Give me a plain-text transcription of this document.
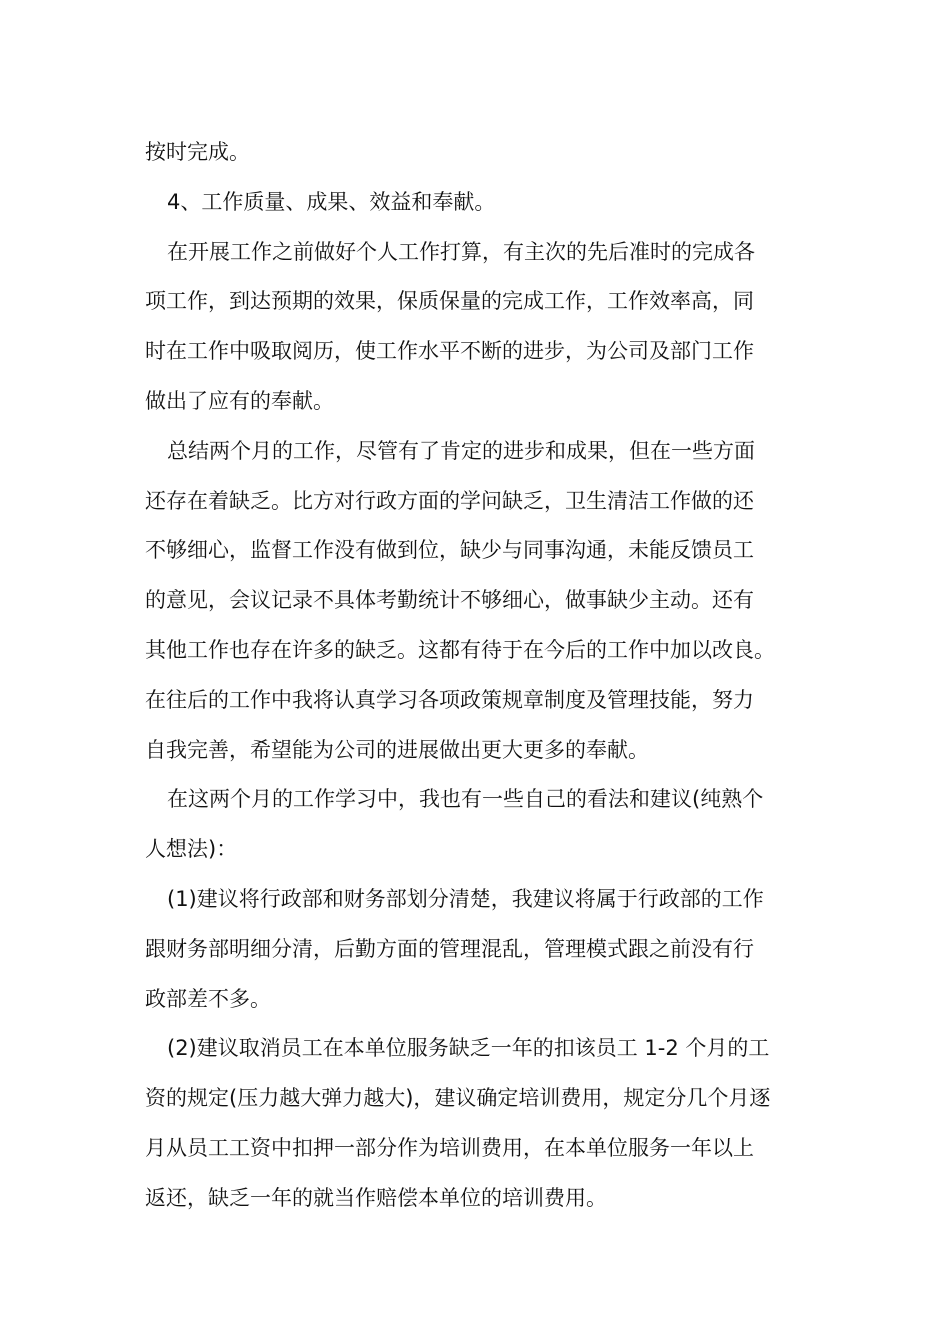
按时完成。
4、工作质量、成果、效益和奉献。
在开展工作之前做好个人工作打算，有主次的先后准时的完成各
项工作，到达预期的效果，保质保量的完成工作，工作效率高，同
时在工作中吸取阅历，使工作水平不断的进步，为公司及部门工作
做出了应有的奉献。
总结两个月的工作，尽管有了肯定的进步和成果，但在一些方面
还存在着缺乏。比方对行政方面的学问缺乏，卫生清洁工作做的还
不够细心，监督工作没有做到位，缺少与同事沟通，未能反馈员工
的意见，会议记录不具体考勤统计不够细心，做事缺少主动。还有
其他工作也存在许多的缺乏。这都有待于在今后的工作中加以改良。
在往后的工作中我将认真学习各项政策规章制度及管理技能，努力
自我完善，希望能为公司的进展做出更大更多的奉献。
在这两个月的工作学习中，我也有一些自己的看法和建议(纯熟个
人想法)：
(1)建议将行政部和财务部划分清楚，我建议将属于行政部的工作
跟财务部明细分清，后勤方面的管理混乱，管理模式跟之前没有行
政部差不多。
(2)建议取消员工在本单位服务缺乏一年的扣该员工 1-2 个月的工
资的规定(压力越大弹力越大)，建议确定培训费用，规定分几个月逐
月从员工工资中扣押一部分作为培训费用，在本单位服务一年以上
返还，缺乏一年的就当作赔偿本单位的培训费用。
